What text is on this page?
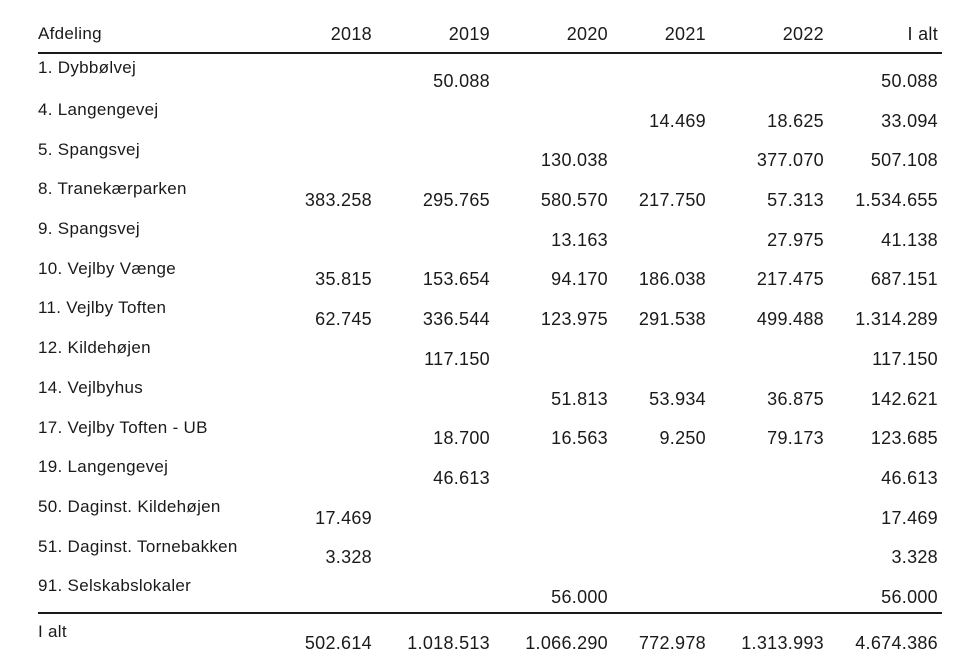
Afdeling	2018	2019	2020	2021	2022	I alt
1. Dybbølvej		50.088				50.088
4. Langengevej				14.469	18.625	33.094
5. Spangsvej			130.038		377.070	507.108
8. Tranekærparken	383.258	295.765	580.570	217.750	57.313	1.534.655
9. Spangsvej			13.163		27.975	41.138
10. Vejlby Vænge	35.815	153.654	94.170	186.038	217.475	687.151
11. Vejlby Toften	62.745	336.544	123.975	291.538	499.488	1.314.289
12. Kildehøjen		117.150				117.150
14. Vejlbyhus			51.813	53.934	36.875	142.621
17. Vejlby Toften - UB		18.700	16.563	9.250	79.173	123.685
19. Langengevej		46.613				46.613
50. Daginst. Kildehøjen	17.469					17.469
51. Daginst. Tornebakken	3.328					3.328
91. Selskabslokaler			56.000			56.000
I alt	502.614	1.018.513	1.066.290	772.978	1.313.993	4.674.386
